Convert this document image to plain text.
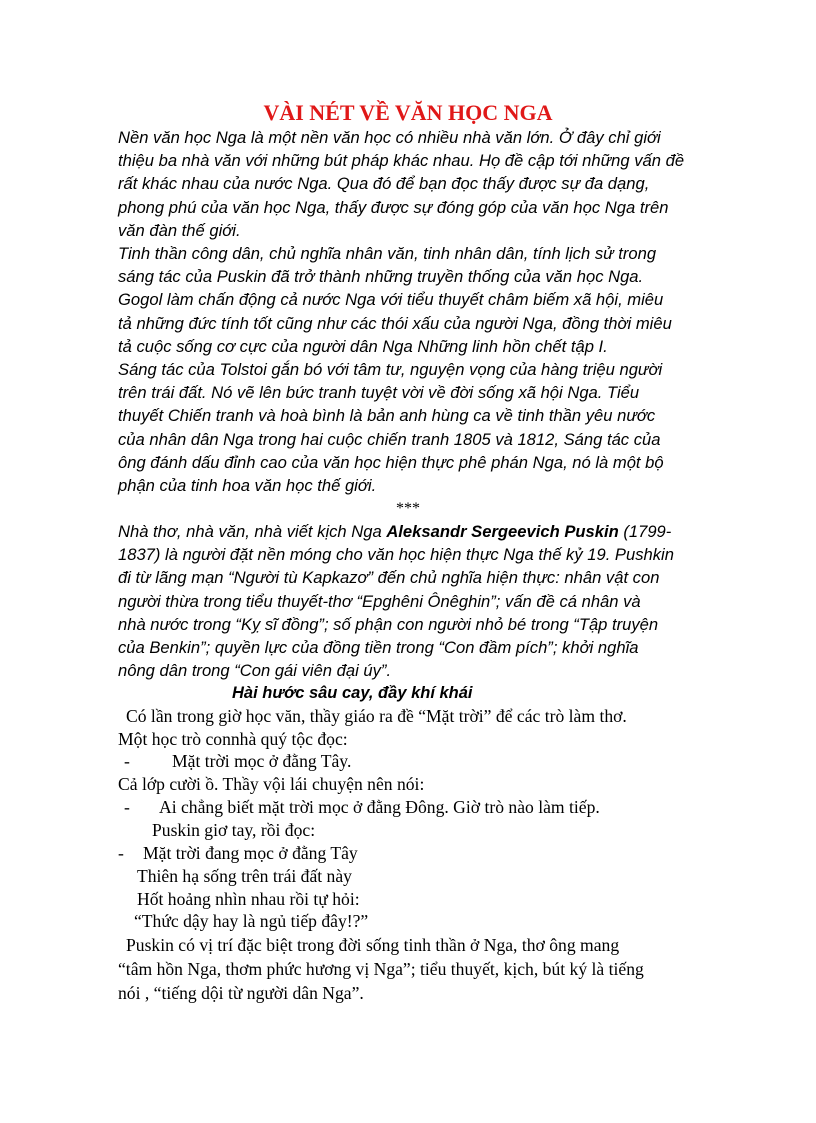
VÀI NÉT VỀ VĂN HỌC NGA

Nền văn học Nga là một nền văn học có nhiều nhà văn lớn. Ở đây chỉ giới

thiệu ba nhà văn với những bút pháp khác nhau. Họ đề cập tới những vấn đề

rất khác nhau của nước Nga. Qua đó để bạn đọc thấy được sự đa dạng,

phong phú của văn học Nga, thấy được sự đóng góp của văn học Nga trên

văn đàn thế giới.

Tinh thần công dân, chủ nghĩa nhân văn, tinh nhân dân, tính lịch sử trong

sáng tác của Puskin đã trở thành những truyền thống của văn học Nga.

Gogol làm chấn động cả nước Nga với tiểu thuyết châm biếm xã hội, miêu

tả những đức tính tốt cũng như các thói xấu của người Nga, đồng thời miêu

tả cuộc sống cơ cực của người dân Nga Những linh hồn chết tập I.

Sáng tác của Tolstoi gắn bó với tâm tư, nguyện vọng của hàng triệu người

trên trái đất. Nó vẽ lên bức tranh tuyệt vời về đời sống xã hội Nga. Tiểu

thuyết Chiến tranh và hoà bình là bản anh hùng ca về tinh thần yêu nước

của nhân dân Nga trong hai cuộc chiến tranh 1805 và 1812, Sáng tác của

ông đánh dấu đỉnh cao của văn học hiện thực phê phán Nga, nó là một bộ

phận của tinh hoa văn học thế giới.

***

Nhà thơ, nhà văn, nhà viết kịch Nga Aleksandr Sergeevich Puskin (1799-

1837) là người đặt nền móng cho văn học hiện thực Nga thế kỷ 19. Pushkin

đi từ lãng mạn “Người tù Kapkazơ” đến chủ nghĩa hiện thực: nhân vật con

người thừa trong tiểu thuyết-thơ “Epghêni Ônêghin”; vấn đề cá nhân và

nhà nước trong “Kỵ sĩ đồng”; số phận con người nhỏ bé trong “Tập truyện

của Benkin”; quyền lực của đồng tiền trong “Con đầm pích”; khởi nghĩa

nông dân trong “Con gái viên đại úy”.

Hài hước sâu cay, đầy khí khái
Có lần trong giờ học văn, thầy giáo ra đề “Mặt trời” để các trò làm thơ.
Một học trò connhà quý tộc đọc:
- Mặt trời mọc ở đằng Tây.
Cả lớp cười ồ. Thầy vội lái chuyện nên nói:
- Ai chẳng biết mặt trời mọc ở đằng Đông. Giờ trò nào làm tiếp.
Puskin giơ tay, rồi đọc:
- Mặt trời đang mọc ở đằng Tây
Thiên hạ sống trên trái đất này
Hốt hoảng nhìn nhau rồi tự hỏi:
“Thức dậy hay là ngủ tiếp đây!?”
Puskin có vị trí đặc biệt trong đời sống tinh thần ở Nga, thơ ông mang
“tâm hồn Nga, thơm phức hương vị Nga”; tiểu thuyết, kịch, bút ký là tiếng
nói , “tiếng dội từ người dân Nga”.
